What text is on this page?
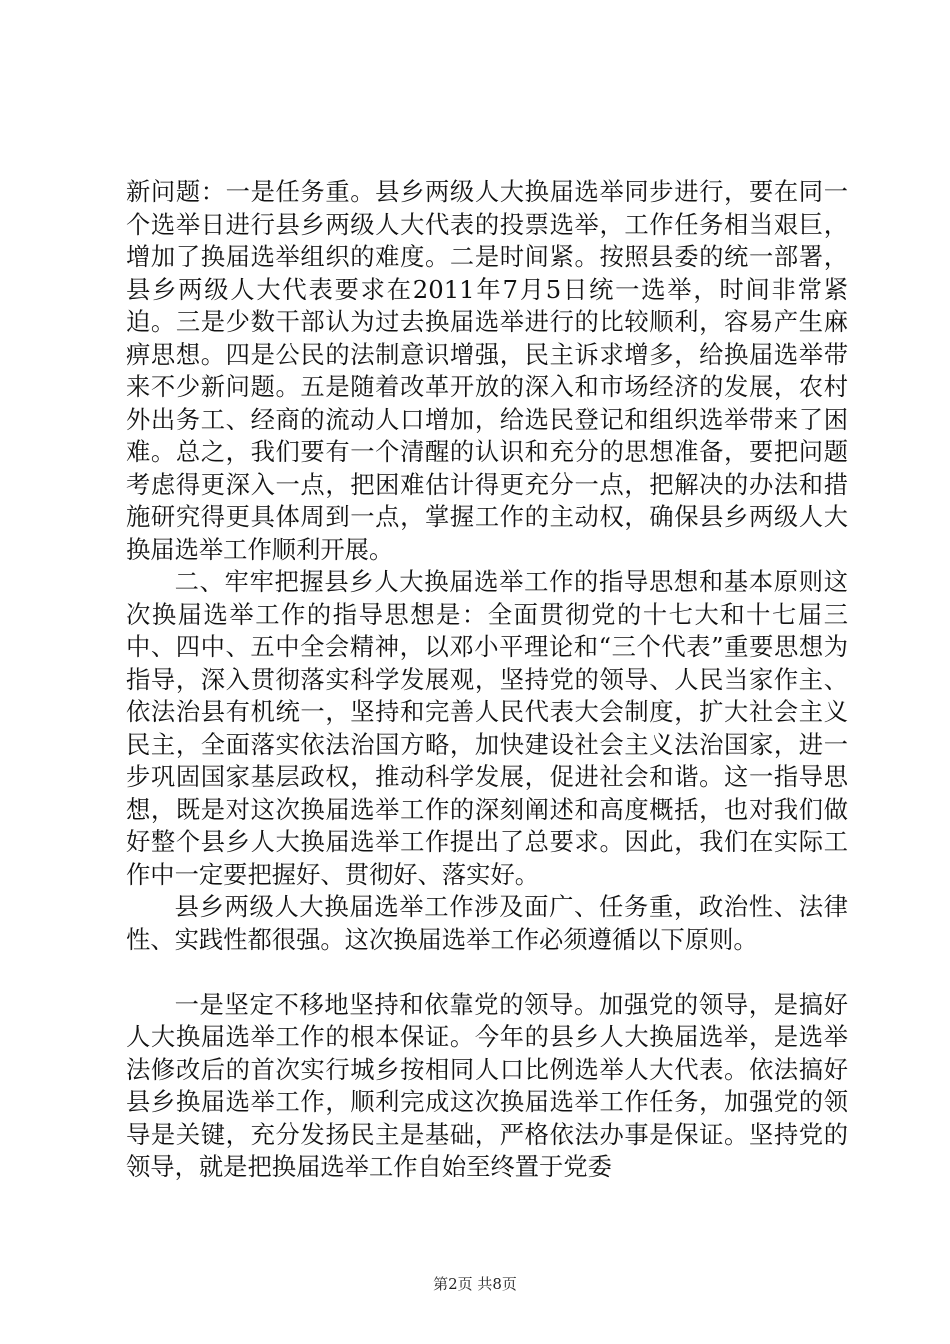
新问题：一是任务重。县乡两级人大换届选举同步进行，要在同一个选举日进行县乡两级人大代表的投票选举，工作任务相当艰巨，增加了换届选举组织的难度。二是时间紧。按照县委的统一部署，县乡两级人大代表要求在2011年7月5日统一选举，时间非常紧迫。三是少数干部认为过去换届选举进行的比较顺利，容易产生麻痹思想。四是公民的法制意识增强，民主诉求增多，给换届选举带来不少新问题。五是随着改革开放的深入和市场经济的发展，农村外出务工、经商的流动人口增加，给选民登记和组织选举带来了困难。总之，我们要有一个清醒的认识和充分的思想准备，要把问题考虑得更深入一点，把困难估计得更充分一点，把解决的办法和措施研究得更具体周到一点，掌握工作的主动权，确保县乡两级人大换届选举工作顺利开展。

二、牢牢把握县乡人大换届选举工作的指导思想和基本原则这次换届选举工作的指导思想是：全面贯彻党的十七大和十七届三中、四中、五中全会精神，以邓小平理论和“三个代表”重要思想为指导，深入贯彻落实科学发展观，坚持党的领导、人民当家作主、依法治县有机统一，坚持和完善人民代表大会制度，扩大社会主义民主，全面落实依法治国方略，加快建设社会主义法治国家，进一步巩固国家基层政权，推动科学发展，促进社会和谐。这一指导思想，既是对这次换届选举工作的深刻阐述和高度概括，也对我们做好整个县乡人大换届选举工作提出了总要求。因此，我们在实际工作中一定要把握好、贯彻好、落实好。

县乡两级人大换届选举工作涉及面广、任务重，政治性、法律性、实践性都很强。这次换届选举工作必须遵循以下原则。

一是坚定不移地坚持和依靠党的领导。加强党的领导，是搞好人大换届选举工作的根本保证。今年的县乡人大换届选举，是选举法修改后的首次实行城乡按相同人口比例选举人大代表。依法搞好县乡换届选举工作，顺利完成这次换届选举工作任务，加强党的领导是关键，充分发扬民主是基础，严格依法办事是保证。坚持党的领导，就是把换届选举工作自始至终置于党委

第2页 共8页
